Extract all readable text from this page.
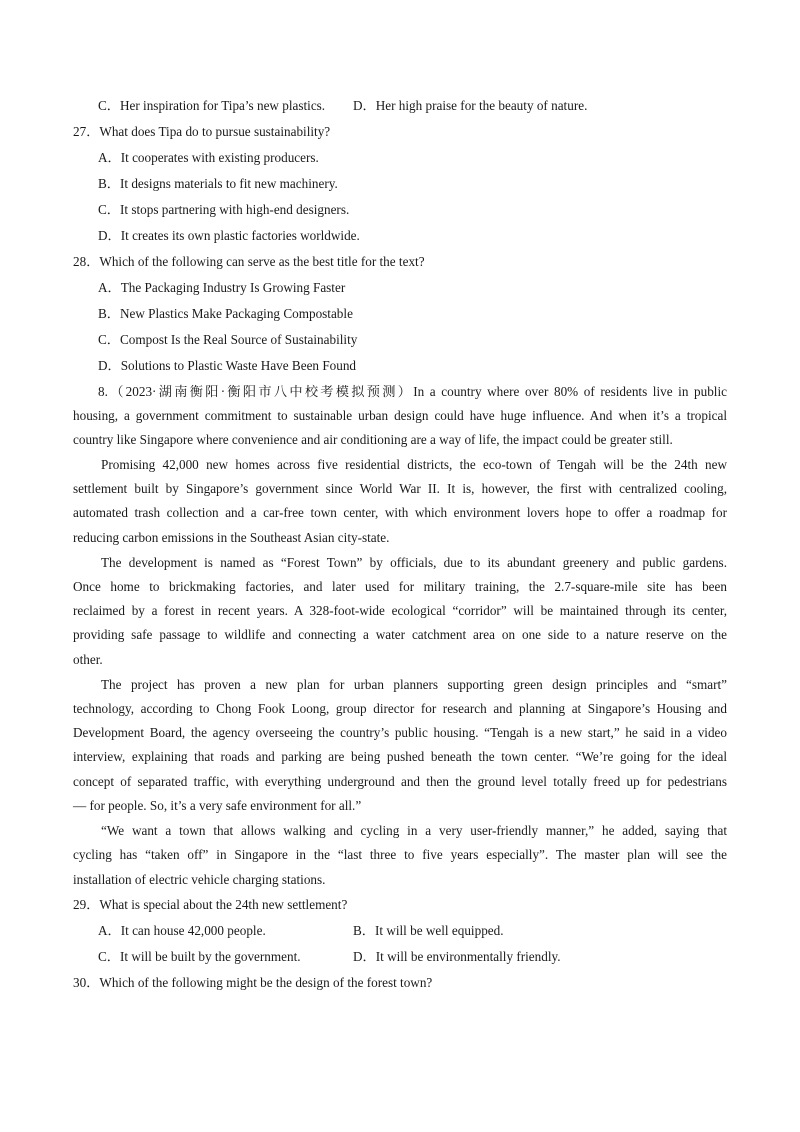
C．Her inspiration for Tipa’s new plastics. D．Her high praise for the beauty of nature.
27．What does Tipa do to pursue sustainability?
A．It cooperates with existing producers.
B．It designs materials to fit new machinery.
C．It stops partnering with high-end designers.
D．It creates its own plastic factories worldwide.
28．Which of the following can serve as the best title for the text?
A．The Packaging Industry Is Growing Faster
B．New Plastics Make Packaging Compostable
C．Compost Is the Real Source of Sustainability
D．Solutions to Plastic Waste Have Been Found
8.（2023·湖南衡阳·衡阳市八中校考模拟预测）In a country where over 80% of residents live in public
housing, a government commitment to sustainable urban design could have huge influence. And when it’s a tropical
country like Singapore where convenience and air conditioning are a way of life, the impact could be greater still.
Promising 42,000 new homes across five residential districts, the eco-town of Tengah will be the 24th new
settlement built by Singapore’s government since World War II. It is, however, the first with centralized cooling,
automated trash collection and a car-free town center, with which environment lovers hope to offer a roadmap for
reducing carbon emissions in the Southeast Asian city-state.
The development is named as “Forest Town” by officials, due to its abundant greenery and public gardens.
Once home to brickmaking factories, and later used for military training, the 2.7-square-mile site has been
reclaimed by a forest in recent years. A 328-foot-wide ecological “corridor” will be maintained through its center,
providing safe passage to wildlife and connecting a water catchment area on one side to a nature reserve on the
other.
The project has proven a new plan for urban planners supporting green design principles and “smart”
technology, according to Chong Fook Loong, group director for research and planning at Singapore’s Housing and
Development Board, the agency overseeing the country’s public housing. “Tengah is a new start,” he said in a video
interview, explaining that roads and parking are being pushed beneath the town center. “We’re going for the ideal
concept of separated traffic, with everything underground and then the ground level totally freed up for pedestrians
— for people. So, it’s a very safe environment for all.”
“We want a town that allows walking and cycling in a very user-friendly manner,” he added, saying that
cycling has “taken off” in Singapore in the “last three to five years especially”. The master plan will see the
installation of electric vehicle charging stations.
29．What is special about the 24th new settlement?
A．It can house 42,000 people.	B．It will be well equipped.
C．It will be built by the government.	D．It will be environmentally friendly.
30．Which of the following might be the design of the forest town?
